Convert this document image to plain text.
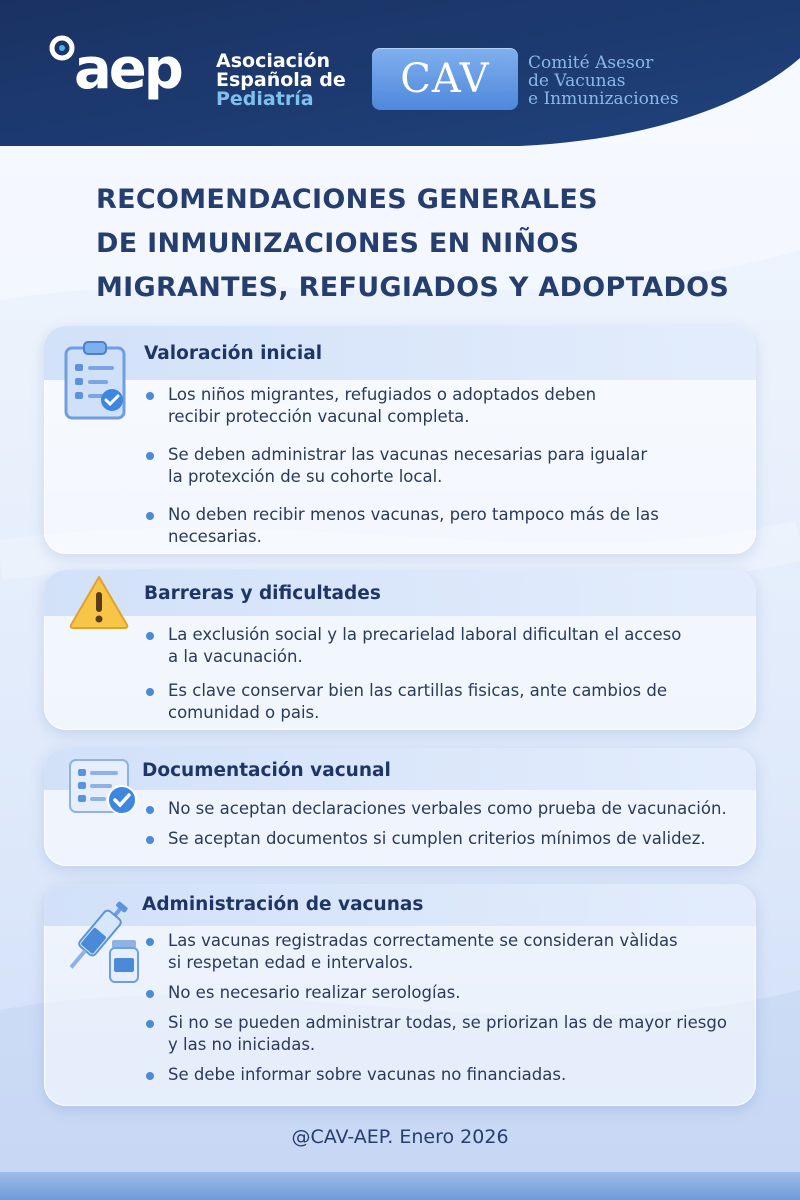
aep Asociación
Española de
Pediatría	CAV	Comité Asesor
de Vacunas
e Inmunizaciones
RECOMENDACIONES GENERALES
DE INMUNIZACIONES EN NIÑOS
MIGRANTES, REFUGIADOS Y ADOPTADOS
Valoración inicial
Los niños migrantes, refugiados o adoptados deben
recibir protección vacunal completa.
Se deben administrar las vacunas necesarias para igualar
la protexción de su cohorte local.
No deben recibir menos vacunas, pero tampoco más de las
necesarias.
Barreras y dificultades
La exclusión social y la precarielad laboral dificultan el acceso
a la vacunación.
Es clave conservar bien las cartillas fisicas, ante cambios de
comunidad o pais.
Documentación vacunal
No se aceptan declaraciones verbales como prueba de vacunación.
Se aceptan documentos si cumplen criterios mínimos de validez.
Administración de vacunas
Las vacunas registradas correctamente se consideran vàlidas
si respetan edad e intervalos.
No es necesario realizar serologías.
Si no se pueden administrar todas, se priorizan las de mayor riesgo
y las no iniciadas.
Se debe informar sobre vacunas no financiadas.
@CAV-AEP. Enero 2026
